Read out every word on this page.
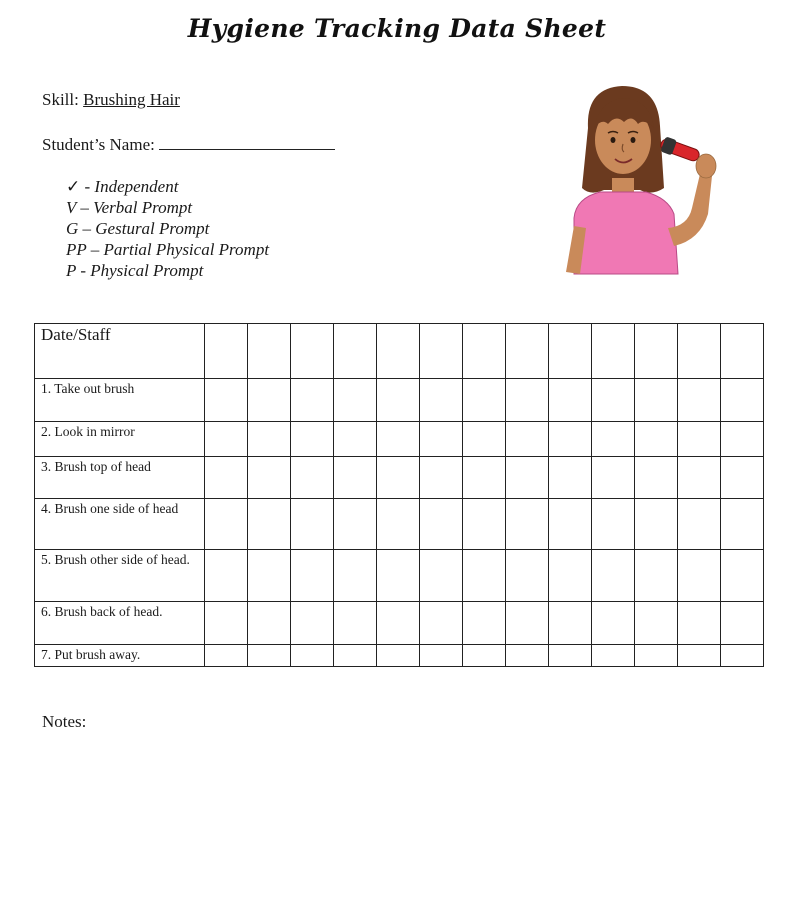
Hygiene Tracking Data Sheet
Skill: Brushing Hair
Student’s Name:
✓ - Independent
V – Verbal Prompt
G – Gestural Prompt
PP – Partial Physical Prompt
P - Physical Prompt
Date/Staff													
1. Take out brush													
2. Look in mirror													
3. Brush top of head													
4. Brush one side of head													
5. Brush other side of head.													
6. Brush back of head.													
7. Put brush away.													
Notes:
